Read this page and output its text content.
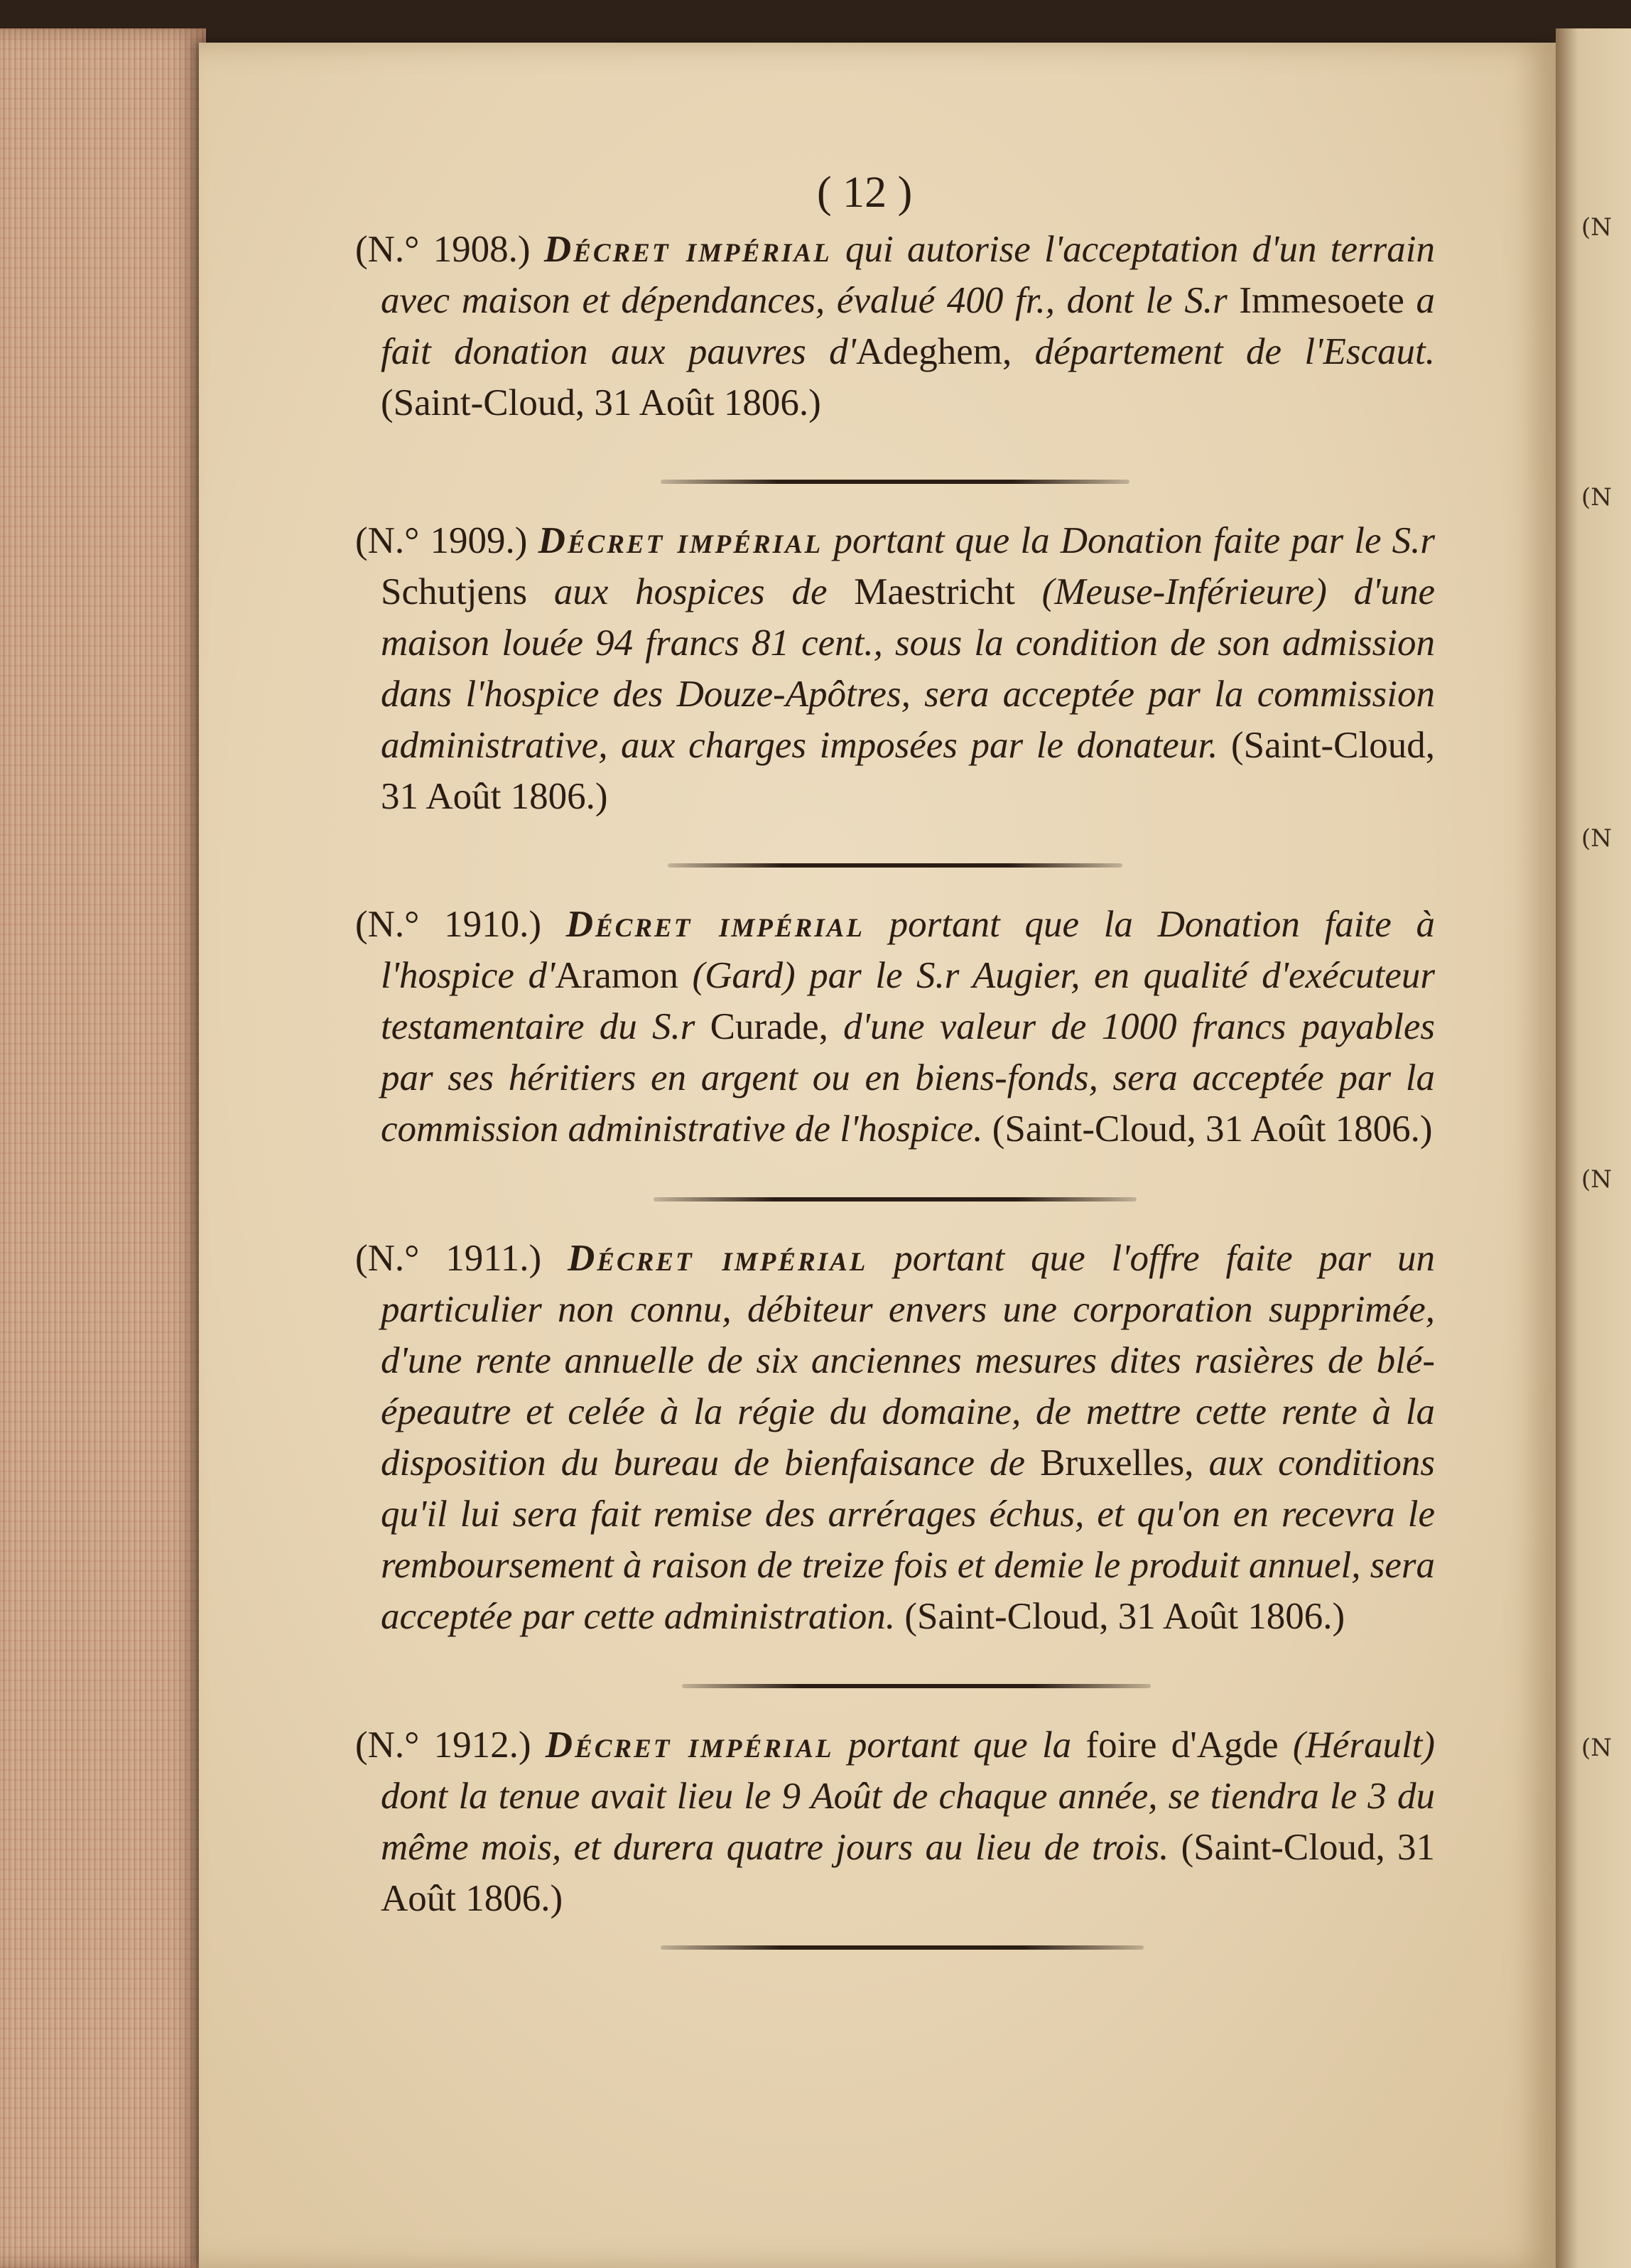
(N
(N
(N
(N
(N
( 12 )
(N.° 1908.) Décret impérial qui autorise l'acceptation d'un terrain avec maison et dépendances, évalué 400 fr., dont le S.r Immesoete a fait donation aux pauvres d'Adeghem, département de l'Escaut. (Saint-Cloud, 31 Août 1806.)
(N.° 1909.) Décret impérial portant que la Donation faite par le S.r Schutjens aux hospices de Maestricht (Meuse-Inférieure) d'une maison louée 94 francs 81 cent., sous la condition de son admission dans l'hospice des Douze-Apôtres, sera acceptée par la commission administrative, aux charges imposées par le donateur. (Saint-Cloud, 31 Août 1806.)
(N.° 1910.) Décret impérial portant que la Donation faite à l'hospice d'Aramon (Gard) par le S.r Augier, en qualité d'exécuteur testamentaire du S.r Curade, d'une valeur de 1000 francs payables par ses héritiers en argent ou en biens-fonds, sera acceptée par la commission administrative de l'hospice. (Saint-Cloud, 31 Août 1806.)
(N.° 1911.) Décret impérial portant que l'offre faite par un particulier non connu, débiteur envers une corporation supprimée, d'une rente annuelle de six anciennes mesures dites rasières de blé-épeautre et celée à la régie du domaine, de mettre cette rente à la disposition du bureau de bienfaisance de Bruxelles, aux conditions qu'il lui sera fait remise des arrérages échus, et qu'on en recevra le remboursement à raison de treize fois et demie le produit annuel, sera acceptée par cette administration. (Saint-Cloud, 31 Août 1806.)
(N.° 1912.) Décret impérial portant que la foire d'Agde (Hérault) dont la tenue avait lieu le 9 Août de chaque année, se tiendra le 3 du même mois, et durera quatre jours au lieu de trois. (Saint-Cloud, 31 Août 1806.)
